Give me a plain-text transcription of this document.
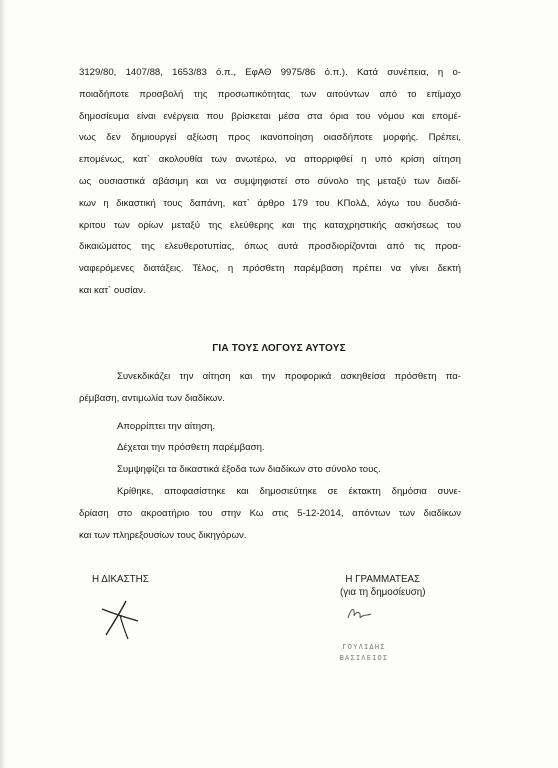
3129/80, 1407/88, 1653/83 ό.π., ΕφΑΘ 9975/86 ό.π.). Κατά συνέπεια, η ο-
ποιαδήποτε προσβολή της προσωπικότητας των αιτούντων από το επίμαχο
δημοσίευμα είναι ενέργεια που βρίσκεται μέσα στα όρια του νόμου και επομέ-
νως δεν δημιουργεί αξίωση προς ικανοποίηση οιασδήποτε μορφής. Πρέπει,
επομένως, κατ` ακολουθία των ανωτέρω, να απορριφθεί η υπό κρίση αίτηση
ως ουσιαστικά αβάσιμη και να συμψηφιστεί στο σύνολο της μεταξύ των διαδί-
κων η δικαστική τους δαπάνη, κατ` άρθρο 179 του ΚΠολΔ, λόγω του δυσδιά-
κριτου των ορίων μεταξύ της ελεύθερης και της καταχρηστικής ασκήσεως του
δικαιώματος της ελευθεροτυπίας, όπως αυτά προσδιορίζονται από τις προα-
ναφερόμενες διατάξεις. Τέλος, η πρόσθετη παρέμβαση πρέπει να γίνει δεκτή
και κατ` ουσίαν.
ΓΙΑ ΤΟΥΣ ΛΟΓΟΥΣ ΑΥΤΟΥΣ
Συνεκδικάζει την αίτηση και την προφορικά ασκηθείσα πρόσθετη πα-
ρέμβαση, αντιμωλία των διαδίκων.
Απορρίπτει την αίτηση.
Δέχεται την πρόσθετη παρέμβαση.
Συμψηφίζει τα δικαστικά έξοδα των διαδίκων στο σύνολο τους.
Κρίθηκε, αποφασίστηκε και δημοσιεύτηκε σε έκτακτη δημόσια συνε-
δρίαση στο ακροατήριο του στην Κω στις 5-12-2014, απόντων των διαδίκων
και των πληρεξουσίων τους δικηγόρων.
Η ΔΙΚΑΣΤΗΣ	Η ΓΡΑΜΜΑΤΕΑΣ
(για τη δημοσίευση)
ΓΟΥΛΙΔΗΣ
ΒΑΣΙΛΕΙΟΣ
